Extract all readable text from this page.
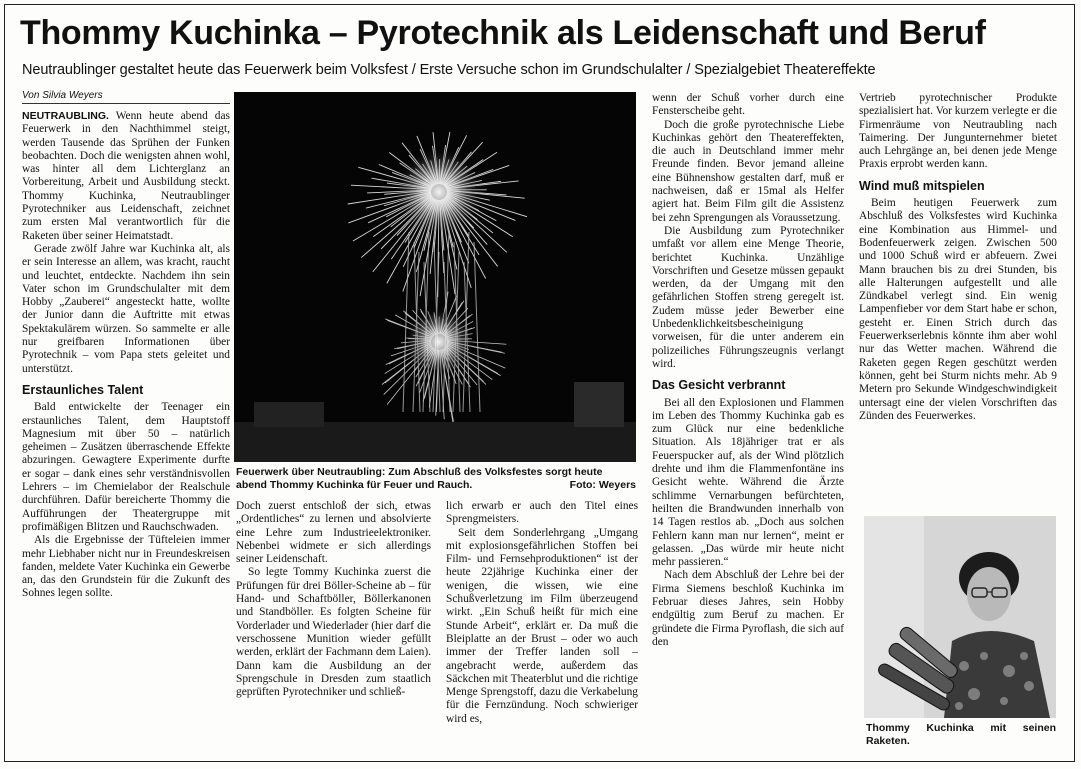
Thommy Kuchinka – Pyrotechnik als Leidenschaft und Beruf
Neutraublinger gestaltet heute das Feuerwerk beim Volksfest / Erste Versuche schon im Grundschulalter / Spezialgebiet Theatereffekte
Von Silvia Weyers

NEUTRAUBLING. Wenn heute abend das Feuerwerk in den Nachthimmel steigt, werden Tausende das Sprühen der Funken beobachten. Doch die wenigsten ahnen wohl, was hinter all dem Lichterglanz an Vorbereitung, Arbeit und Ausbildung steckt. Thommy Kuchinka, Neutraublinger Pyrotechniker aus Leidenschaft, zeichnet zum ersten Mal verantwortlich für die Raketen über seiner Heimatstadt.

Gerade zwölf Jahre war Kuchinka alt, als er sein Interesse an allem, was kracht, raucht und leuchtet, entdeckte. Nachdem ihn sein Vater schon im Grundschulalter mit dem Hobby „Zauberei“ angesteckt hatte, wollte der Junior dann die Auftritte mit etwas Spektakulärem würzen. So sammelte er alle nur greifbaren Informationen über Pyrotechnik – vom Papa stets geleitet und unterstützt.

Erstaunliches Talent

Bald entwickelte der Teenager ein erstaunliches Talent, dem Hauptstoff Magnesium mit über 50 – natürlich geheimen – Zusätzen überraschende Effekte abzuringen. Gewagtere Experimente durfte er sogar – dank eines sehr verständnisvollen Lehrers – im Chemielabor der Realschule durchführen. Dafür bereicherte Thommy die Aufführungen der Theatergruppe mit profimäßigen Blitzen und Rauchschwaden.

Als die Ergebnisse der Tüfteleien immer mehr Liebhaber nicht nur in Freundeskreisen fanden, meldete Vater Kuchinka ein Gewerbe an, das den Grundstein für die Zukunft des Sohnes legen sollte.

Feuerwerk über Neutraubling: Zum Abschluß des Volksfestes sorgt heute abend Thommy Kuchinka für Feuer und Rauch.	Foto: Weyers

Doch zuerst entschloß der sich, etwas „Ordentliches“ zu lernen und absolvierte eine Lehre zum Industrieelektroniker. Nebenbei widmete er sich allerdings seiner Leidenschaft.

So legte Tommy Kuchinka zuerst die Prüfungen für drei Böller-Scheine ab – für Hand- und Schaftböller, Böllerkanonen und Standböller. Es folgten Scheine für Vorderlader und Wiederlader (hier darf die verschossene Munition wieder gefüllt werden, erklärt der Fachmann dem Laien). Dann kam die Ausbildung an der Sprengschule in Dresden zum staatlich geprüften Pyrotechniker und schließ-

lich erwarb er auch den Titel eines Sprengmeisters.

Seit dem Sonderlehrgang „Umgang mit explosionsgefährlichen Stoffen bei Film- und Fernsehproduktionen“ ist der heute 22jährige Kuchinka einer der wenigen, die wissen, wie eine Schußverletzung im Film überzeugend wirkt. „Ein Schuß heißt für mich eine Stunde Arbeit“, erklärt er. Da muß die Bleiplatte an der Brust – oder wo auch immer der Treffer landen soll – angebracht werde, außerdem das Säckchen mit Theaterblut und die richtige Menge Sprengstoff, dazu die Verkabelung für die Fernzündung. Noch schwieriger wird es,

wenn der Schuß vorher durch eine Fensterscheibe geht.

Doch die große pyrotechnische Liebe Kuchinkas gehört den Theatereffekten, die auch in Deutschland immer mehr Freunde finden. Bevor jemand alleine eine Bühnenshow gestalten darf, muß er nachweisen, daß er 15mal als Helfer agiert hat. Beim Film gilt die Assistenz bei zehn Sprengungen als Voraussetzung.

Die Ausbildung zum Pyrotechniker umfaßt vor allem eine Menge Theorie, berichtet Kuchinka. Unzählige Vorschriften und Gesetze müssen gepaukt werden, da der Umgang mit den gefährlichen Stoffen streng geregelt ist. Zudem müsse jeder Bewerber eine Unbedenklichkeitsbescheinigung vorweisen, für die unter anderem ein polizeiliches Führungszeugnis verlangt wird.

Das Gesicht verbrannt

Bei all den Explosionen und Flammen im Leben des Thommy Kuchinka gab es zum Glück nur eine bedenkliche Situation. Als 18jähriger trat er als Feuerspucker auf, als der Wind plötzlich drehte und ihm die Flammenfontäne ins Gesicht wehte. Während die Ärzte schlimme Vernarbungen befürchteten, heilten die Brandwunden innerhalb von 14 Tagen restlos ab. „Doch aus solchen Fehlern kann man nur lernen“, meint er gelassen. „Das würde mir heute nicht mehr passieren.“

Nach dem Abschluß der Lehre bei der Firma Siemens beschloß Kuchinka im Februar dieses Jahres, sein Hobby endgültig zum Beruf zu machen. Er gründete die Firma Pyroflash, die sich auf den

Vertrieb pyrotechnischer Produkte spezialisiert hat. Vor kurzem verlegte er die Firmenräume von Neutraubling nach Taimering. Der Jungunternehmer bietet auch Lehrgänge an, bei denen jede Menge Praxis erprobt werden kann.

Wind muß mitspielen

Beim heutigen Feuerwerk zum Abschluß des Volksfestes wird Kuchinka eine Kombination aus Himmel- und Bodenfeuerwerk zeigen. Zwischen 500 und 1000 Schuß wird er abfeuern. Zwei Mann brauchen bis zu drei Stunden, bis alle Halterungen aufgestellt und alle Zündkabel verlegt sind. Ein wenig Lampenfieber vor dem Start habe er schon, gesteht er. Einen Strich durch das Feuerwerkserlebnis könnte ihm aber wohl nur das Wetter machen. Während die Raketen gegen Regen geschützt werden können, geht bei Sturm nichts mehr. Ab 9 Metern pro Sekunde Windgeschwindigkeit untersagt eine der vielen Vorschriften das Zünden des Feuerwerkes.

Thommy Kuchinka mit seinen Raketen.
